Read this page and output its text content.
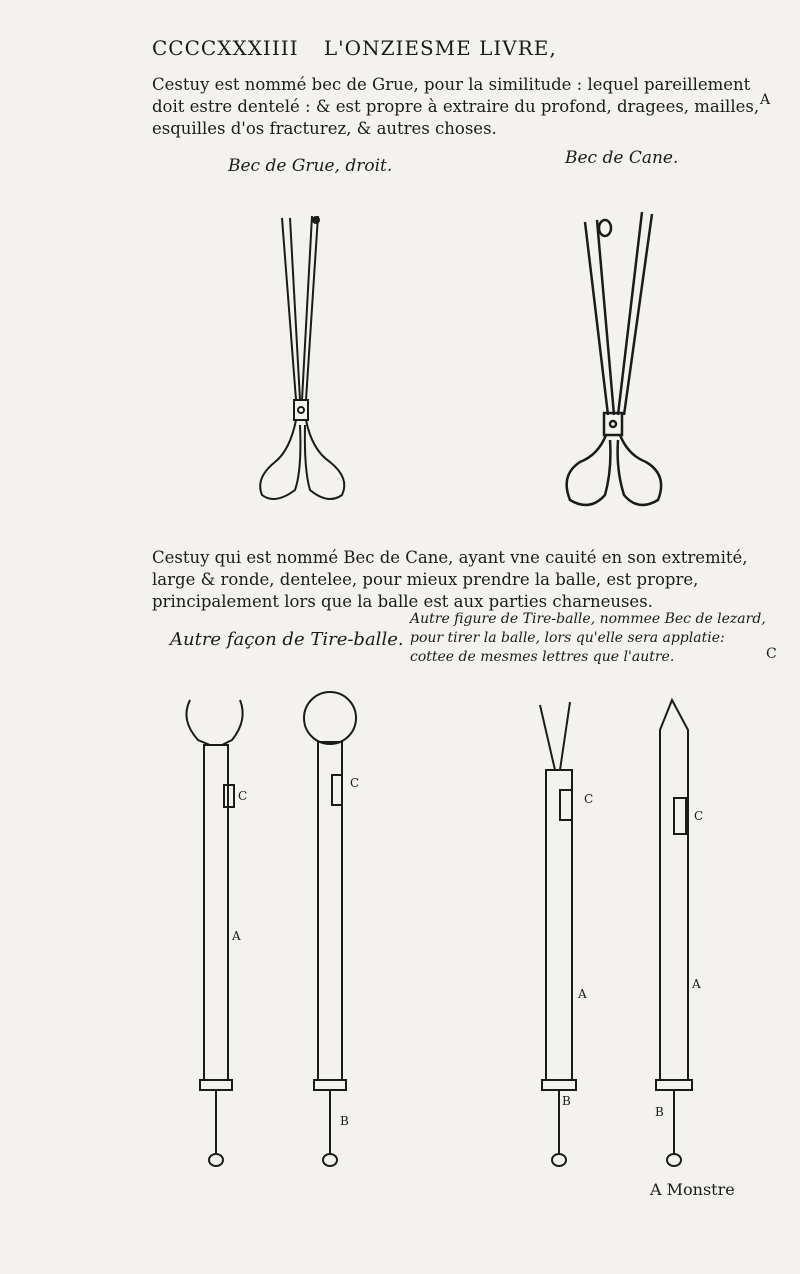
CCCCXXXIIII L'ONZIESME LIVRE,
Cestuy est nommé bec de Grue, pour la similitude : lequel pareillement doit estre dentelé : & est propre à extraire du profond, dragees, mailles, esquilles d'os fracturez, & autres choses.
A
Bec de Grue, droit.	Bec de Cane.
Cestuy qui est nommé Bec de Cane, ayant vne cauité en son extremité, large & ronde, dentelee, pour mieux prendre la balle, est propre, principalement lors que la balle est aux parties charneuses.
Autre façon de Tire-balle.
Autre figure de Tire-balle, nommee Bec de lezard, pour tirer la balle, lors qu'elle sera applatie: cottee de mesmes lettres que l'autre.	C
C
A
C
B
C
A
B
C
A
B
A Monstre
